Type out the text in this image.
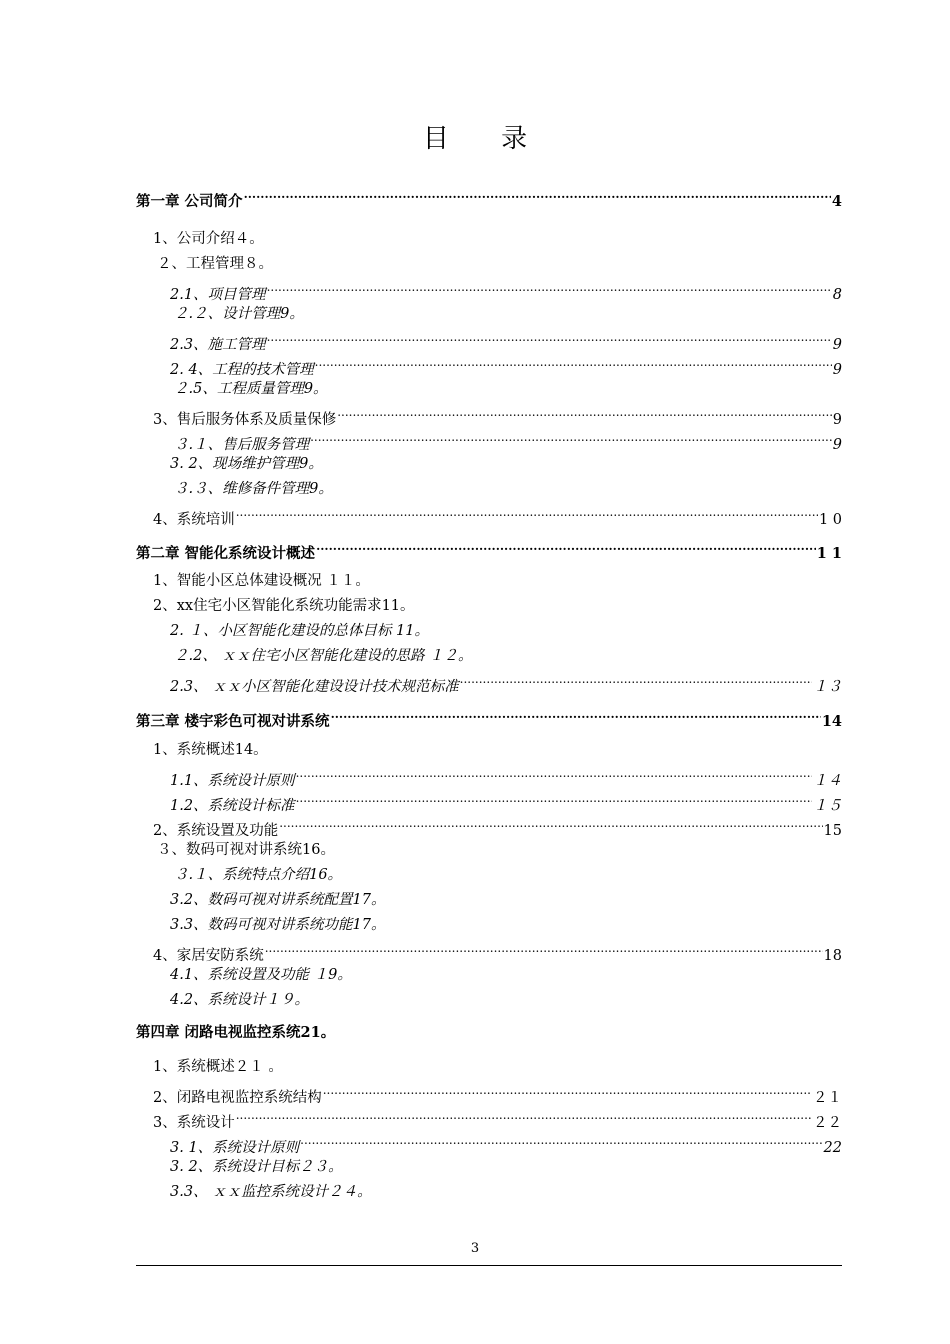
目 录
第一章 公司简介 .....	4
1、公司介绍４。
２、工程管理８。
2.1、项目管理 .....	8
２.２、设计管理9。
2.3、施工管理 .....	9
2. 4、工程的技术管理 .....	9
２.5、工程质量管理9。
3、售后服务体系及质量保修 .....	9
３.１、售后服务管理 .....	9
3. 2、现场维护管理9。
３.３、维修备件管理9。
4、系统培训 .....	1 0
第二章 智能化系统设计概述 .....	1 1
1、智能小区总体建设概况 １１。
2、xx住宅小区智能化系统功能需求11。
2. １、小区智能化建设的总体目标 11。
２.2、 ｘｘ住宅小区智能化建设的思路 １２。
2.3、 ｘｘ小区智能化建设设计技术规范标准 .....	１３
第三章 楼宇彩色可视对讲系统 .....	14
1、系统概述14。
1.1、系统设计原则 .....	１４
1.2、系统设计标准 .....	１５
2、系统设置及功能 .....	15
３、数码可视对讲系统16。
３.１、系统特点介绍16。
3.2、数码可视对讲系统配置17。
3.3、数码可视对讲系统功能17。
4、家居安防系统 .....	18
4.1、系统设置及功能 １9。
4.2、系统设计１９。
第四章 闭路电视监控系统21。
1、系统概述２１ 。
2、闭路电视监控系统结构 .....	２１
3、系统设计 .....	２２
3. 1、系统设计原则 .....	22
3. 2、系统设计目标２３。
3.3、 ｘｘ监控系统设计２４。
3
